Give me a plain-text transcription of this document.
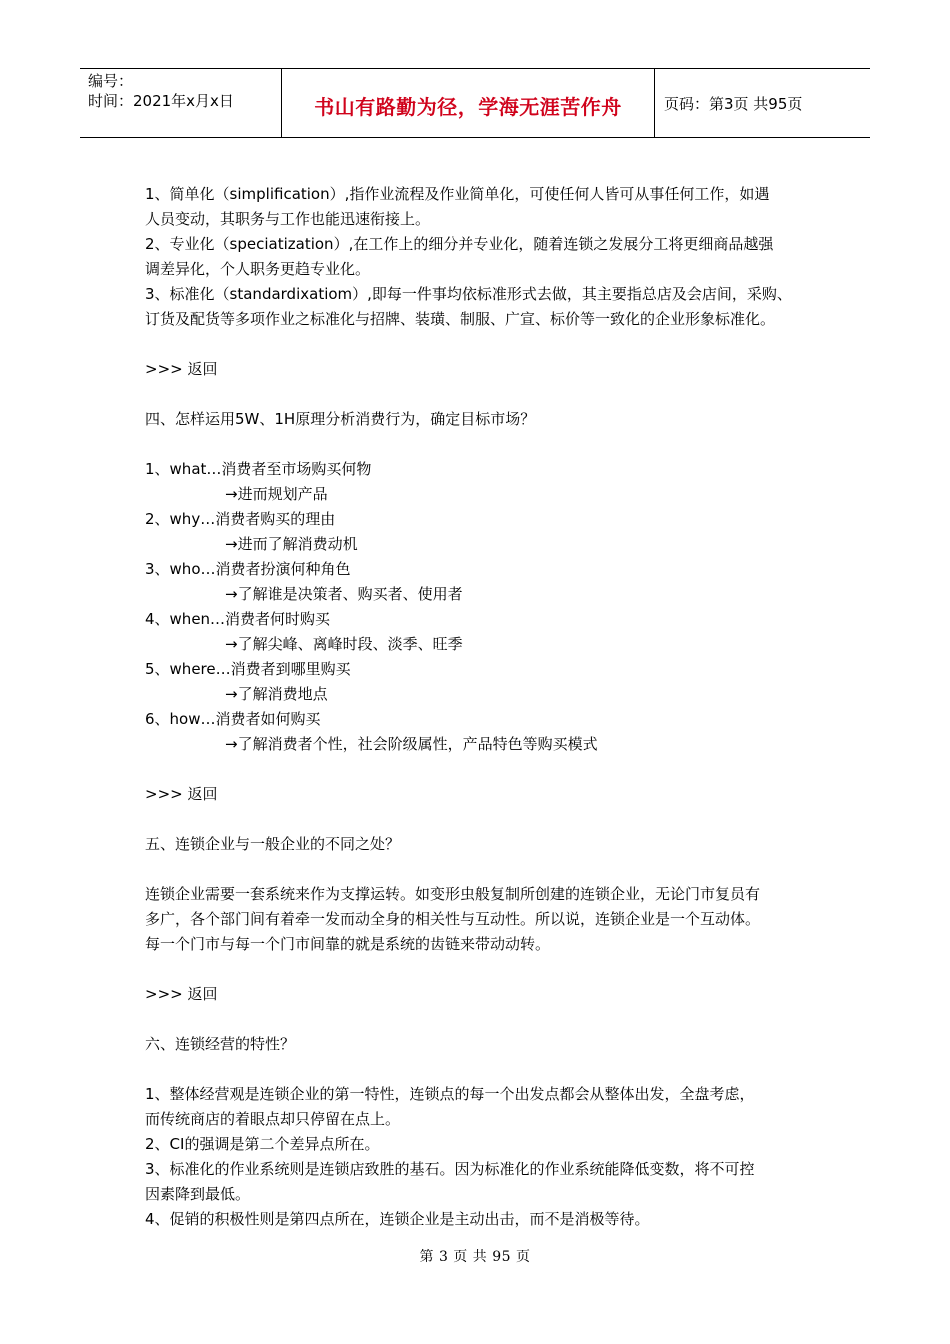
编号：
时间：2021年x月x日	书山有路勤为径，学海无涯苦作舟	页码：第3页 共95页
1、简单化（simplification）,指作业流程及作业简单化，可使任何人皆可从事任何工作，如遇
人员变动，其职务与工作也能迅速衔接上。
2、专业化（speciatization）,在工作上的细分并专业化，随着连锁之发展分工将更细商品越强
调差异化，个人职务更趋专业化。
3、标准化（standardixatiom）,即每一件事均依标准形式去做，其主要指总店及会店间，采购、
订货及配货等多项作业之标准化与招牌、装璜、制服、广宣、标价等一致化的企业形象标准化。
>>> 返回
四、怎样运用5W、1H原理分析消费行为，确定目标市场？
1、what…消费者至市场购买何物
→进而规划产品
2、why…消费者购买的理由
→进而了解消费动机
3、who…消费者扮演何种角色
→了解谁是决策者、购买者、使用者
4、when…消费者何时购买
→了解尖峰、离峰时段、淡季、旺季
5、where…消费者到哪里购买
→了解消费地点
6、how…消费者如何购买
→了解消费者个性，社会阶级属性，产品特色等购买模式
>>> 返回
五、连锁企业与一般企业的不同之处？
连锁企业需要一套系统来作为支撑运转。如变形虫般复制所创建的连锁企业，无论门市复员有
多广，各个部门间有着牵一发而动全身的相关性与互动性。所以说，连锁企业是一个互动体。
每一个门市与每一个门市间靠的就是系统的齿链来带动动转。
>>> 返回
六、连锁经营的特性？
1、整体经营观是连锁企业的第一特性，连锁点的每一个出发点都会从整体出发，全盘考虑，
而传统商店的着眼点却只停留在点上。
2、CI的强调是第二个差异点所在。
3、标准化的作业系统则是连锁店致胜的基石。因为标准化的作业系统能降低变数，将不可控
因素降到最低。
4、促销的积极性则是第四点所在，连锁企业是主动出击，而不是消极等待。
第 3 页 共 95 页
